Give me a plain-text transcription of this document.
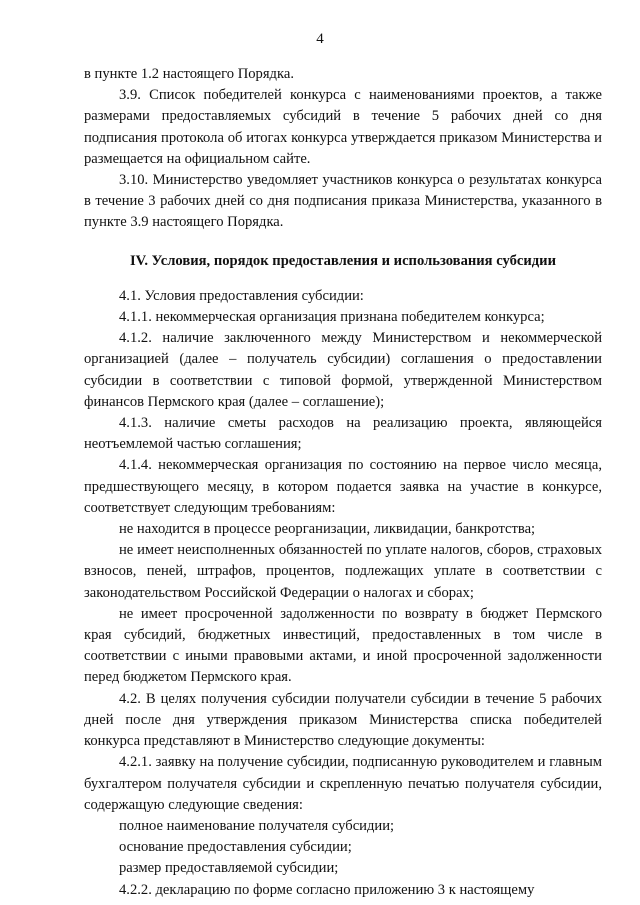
4

в пункте 1.2 настоящего Порядка.

3.9. Список победителей конкурса с наименованиями проектов, а также размерами предоставляемых субсидий в течение 5 рабочих дней со дня подписания протокола об итогах конкурса утверждается приказом Министерства и размещается на официальном сайте.

3.10. Министерство уведомляет участников конкурса о результатах конкурса в течение 3 рабочих дней со дня подписания приказа Министерства, указанного в пункте 3.9 настоящего Порядка.

IV. Условия, порядок предоставления и использования субсидии

4.1. Условия предоставления субсидии:

4.1.1. некоммерческая организация признана победителем конкурса;

4.1.2. наличие заключенного между Министерством и некоммерческой организацией (далее – получатель субсидии) соглашения о предоставлении субсидии в соответствии с типовой формой, утвержденной Министерством финансов Пермского края (далее – соглашение);

4.1.3. наличие сметы расходов на реализацию проекта, являющейся неотъемлемой частью соглашения;

4.1.4. некоммерческая организация по состоянию на первое число месяца, предшествующего месяцу, в котором подается заявка на участие в конкурсе, соответствует следующим требованиям:

не находится в процессе реорганизации, ликвидации, банкротства;

не имеет неисполненных обязанностей по уплате налогов, сборов, страховых взносов, пеней, штрафов, процентов, подлежащих уплате в соответствии с законодательством Российской Федерации о налогах и сборах;

не имеет просроченной задолженности по возврату в бюджет Пермского края субсидий, бюджетных инвестиций, предоставленных в том числе в соответствии с иными правовыми актами, и иной просроченной задолженности перед бюджетом Пермского края.

4.2. В целях получения субсидии получатели субсидии в течение 5 рабочих дней после дня утверждения приказом Министерства списка победителей конкурса представляют в Министерство следующие документы:

4.2.1. заявку на получение субсидии, подписанную руководителем и главным бухгалтером получателя субсидии и скрепленную печатью получателя субсидии, содержащую следующие сведения:

полное наименование получателя субсидии;

основание предоставления субсидии;

размер предоставляемой субсидии;

4.2.2. декларацию по форме согласно приложению 3 к настоящему
